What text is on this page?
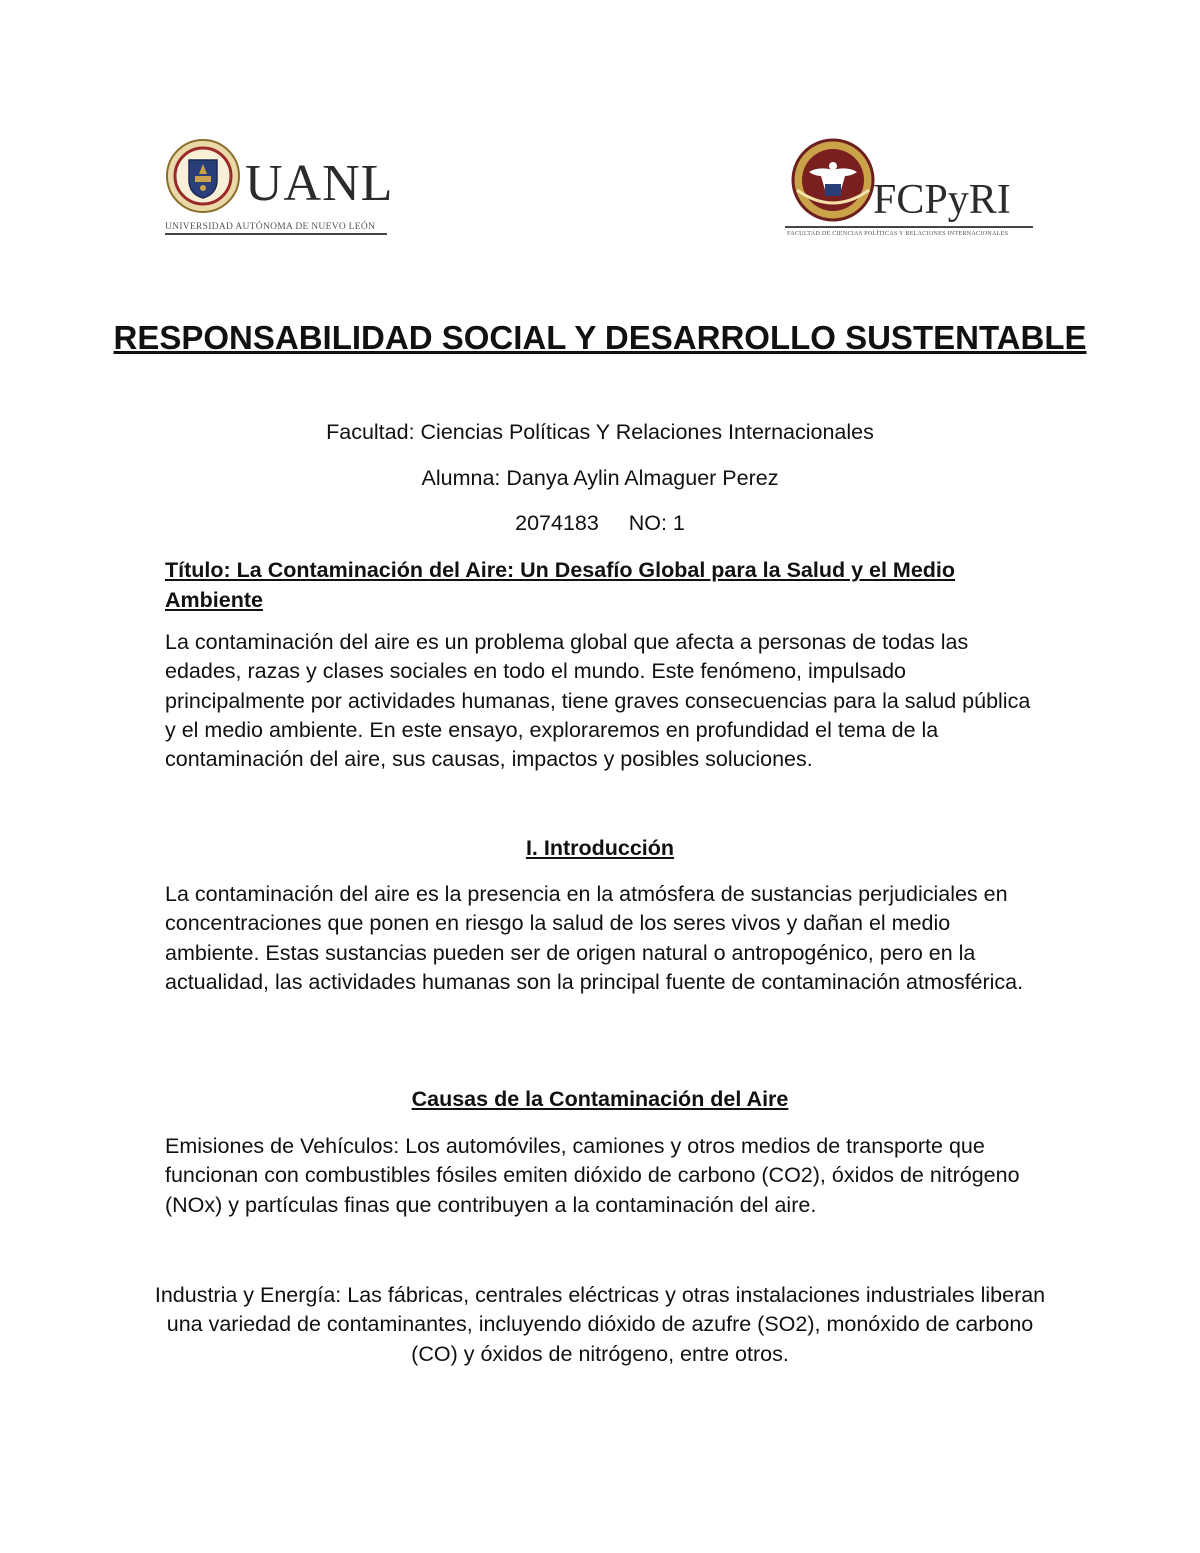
UANL
UNIVERSIDAD AUTÓNOMA DE NUEVO LEÓN
FCPyRI
FACULTAD DE CIENCIAS POLÍTICAS Y RELACIONES INTERNACIONALES
RESPONSABILIDAD SOCIAL Y DESARROLLO SUSTENTABLE

Facultad: Ciencias Políticas Y Relaciones Internacionales

Alumna: Danya Aylin Almaguer Perez

2074183     NO: 1

Título: La Contaminación del Aire: Un Desafío Global para la Salud y el Medio Ambiente

La contaminación del aire es un problema global que afecta a personas de todas las edades, razas y clases sociales en todo el mundo. Este fenómeno, impulsado principalmente por actividades humanas, tiene graves consecuencias para la salud pública y el medio ambiente. En este ensayo, exploraremos en profundidad el tema de la contaminación del aire, sus causas, impactos y posibles soluciones.

I. Introducción

La contaminación del aire es la presencia en la atmósfera de sustancias perjudiciales en concentraciones que ponen en riesgo la salud de los seres vivos y dañan el medio ambiente. Estas sustancias pueden ser de origen natural o antropogénico, pero en la actualidad, las actividades humanas son la principal fuente de contaminación atmosférica.

Causas de la Contaminación del Aire

Emisiones de Vehículos: Los automóviles, camiones y otros medios de transporte que funcionan con combustibles fósiles emiten dióxido de carbono (CO2), óxidos de nitrógeno (NOx) y partículas finas que contribuyen a la contaminación del aire.

Industria y Energía: Las fábricas, centrales eléctricas y otras instalaciones industriales liberan una variedad de contaminantes, incluyendo dióxido de azufre (SO2), monóxido de carbono (CO) y óxidos de nitrógeno, entre otros.
